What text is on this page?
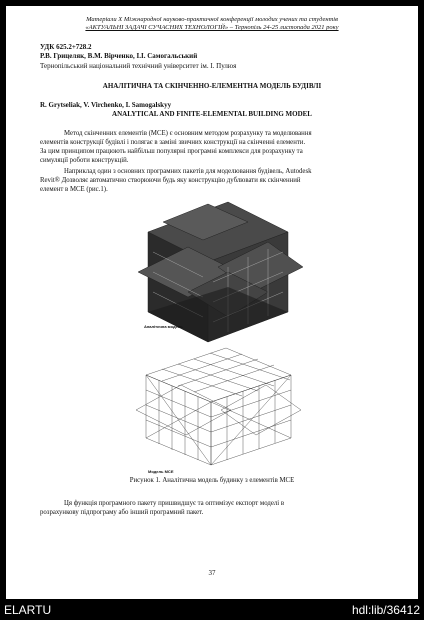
Матеріали Х Міжнародної науково-практичної конференції молодих учених та студентів
«АКТУАЛЬНІ ЗАДАЧІ СУЧАСНИХ ТЕХНОЛОГІЙ» – Тернопіль 24-25 листопада 2021 року
УДК 625.2+728.2
Р.В. Грицеляк, В.М. Вірченко, І.І. Самогальський
Тернопільський національний технічний університет ім. І. Пулюя
АНАЛІТИЧНА ТА СКІНЧЕННО-ЕЛЕМЕНТНА МОДЕЛЬ БУДІВЛІ
R. Grytseliak, V. Virchenko, I. Samogalskyy
ANALYTICAL AND FINITE-ELEMENTAL BUILDING MODEL
Метод скінченних елементів (МСЕ) є основним методом розрахунку та моделювання
елементів конструкції будівлі і полягає в заміні звичних конструкції на скінченні елементи.
За цим принципом працюють найбільш популярні програмні комплекси для розрахунку та
симуляції роботи конструкцій.
Наприклад один з основних програмних пакетів для моделювання будівель, Autodesk
Revit® Дозволяє автоматично створюючи будь яку конструкцію дублювати як скінченний
елемент в МСЕ (рис.1).
Аналітична модель
Модель МСЕ
Рисунок 1. Аналітична модель будинку з елементів МСЕ
Ця функція програмного пакету пришвидшує та оптимізує експорт моделі в
розрахункову підпрограму або інший програмний пакет.
37
ELARTU	hdl:lib/36412
